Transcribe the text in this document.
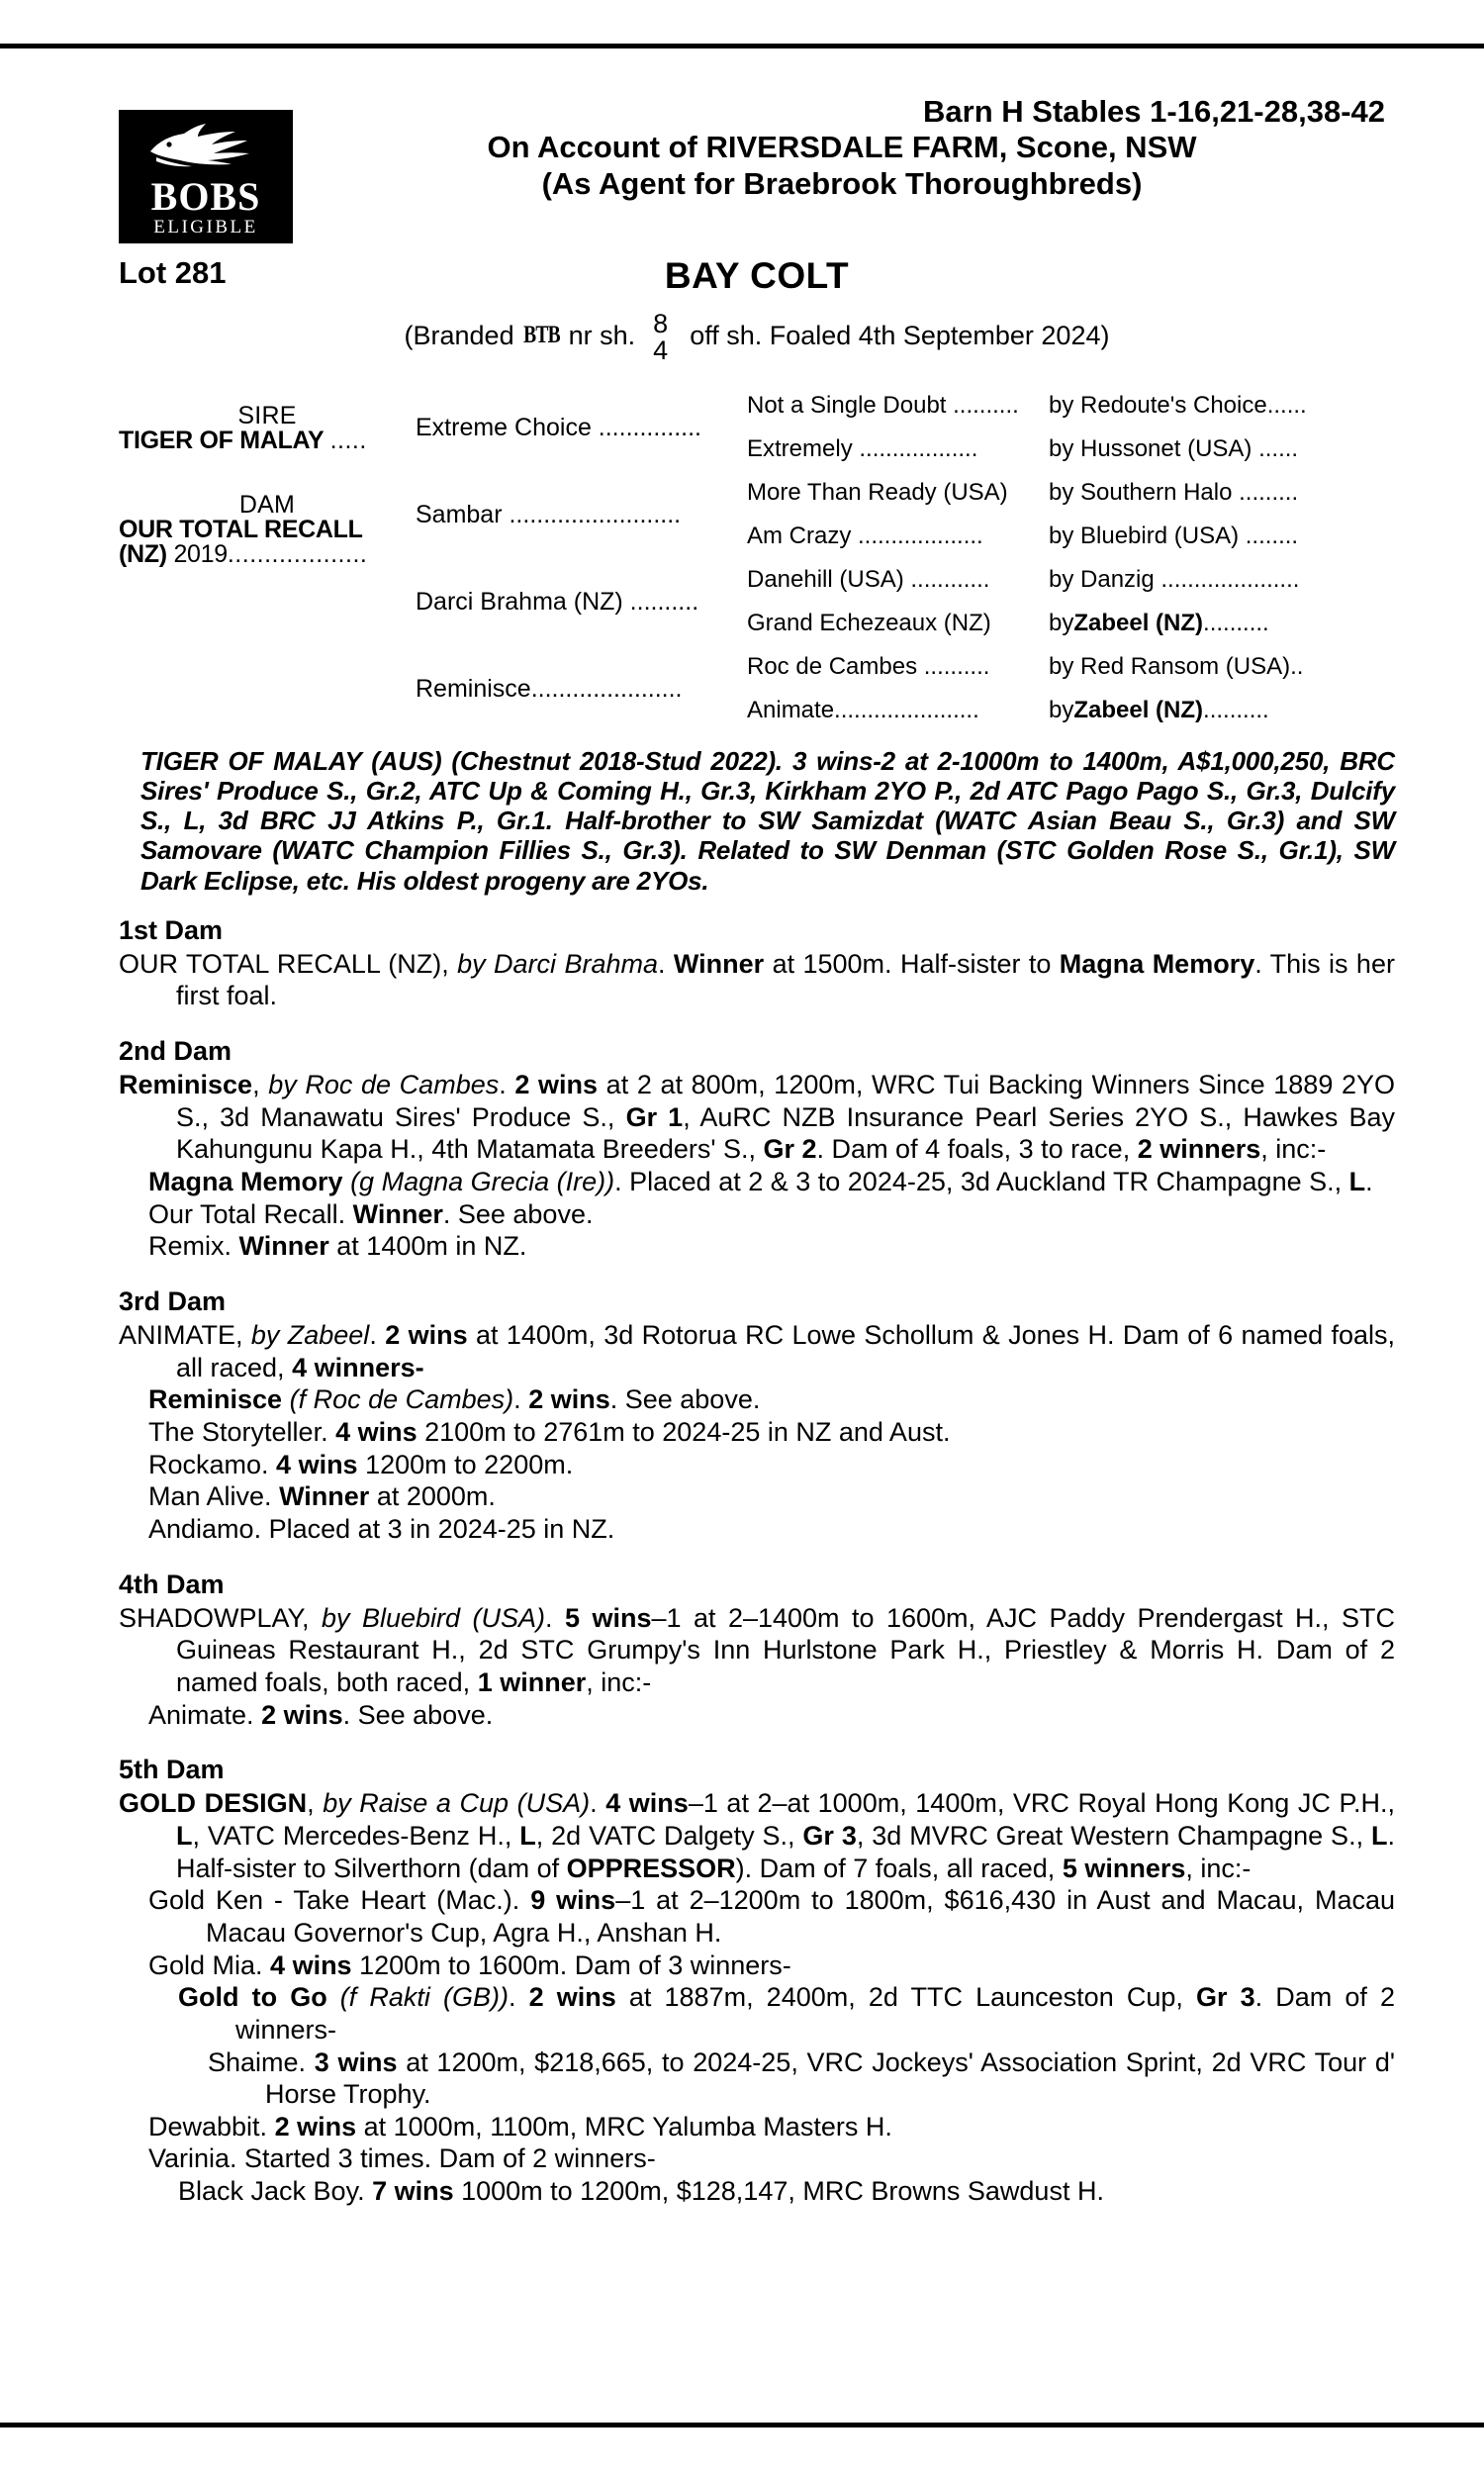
BOBS
ELIGIBLE
Barn H Stables 1-16,21-28,38-42
On Account of RIVERSDALE FARM, Scone, NSW
(As Agent for Braebrook Thoroughbreds)
Lot 281	BAY COLT
(Branded BTB nr sh. 8
4
off sh. Foaled 4th September 2024)
SIRE
TIGER OF MALAY .....
DAM
OUR TOTAL RECALL
(NZ) 2019...................
Extreme Choice ...............
Sambar .........................
Darci Brahma (NZ) ..........
Reminisce......................
Not a Single Doubt ..........
Extremely ..................
More Than Ready (USA)
Am Crazy ...................
Danehill (USA) ............
Grand Echezeaux (NZ)
Roc de Cambes ..........
Animate......................
by Redoute's Choice......
by Hussonet (USA) ......
by Southern Halo .........
by Bluebird (USA) ........
by Danzig .....................
by Zabeel (NZ) ..........
by Red Ransom (USA)..
by Zabeel (NZ) ..........
TIGER OF MALAY (AUS) (Chestnut 2018-Stud 2022). 3 wins-2 at 2-1000m to 1400m, A$1,000,250, BRC Sires' Produce S., Gr.2, ATC Up & Coming H., Gr.3, Kirkham 2YO P., 2d ATC Pago Pago S., Gr.3, Dulcify S., L, 3d BRC JJ Atkins P., Gr.1. Half-brother to SW Samizdat (WATC Asian Beau S., Gr.3) and SW Samovare (WATC Champion Fillies S., Gr.3). Related to SW Denman (STC Golden Rose S., Gr.1), SW Dark Eclipse, etc. His oldest progeny are 2YOs.
1st Dam

OUR TOTAL RECALL (NZ), by Darci Brahma. Winner at 1500m. Half-sister to Magna Memory. This is her first foal.

2nd Dam

Reminisce, by Roc de Cambes. 2 wins at 2 at 800m, 1200m, WRC Tui Backing Winners Since 1889 2YO S., 3d Manawatu Sires' Produce S., Gr 1, AuRC NZB Insurance Pearl Series 2YO S., Hawkes Bay Kahungunu Kapa H., 4th Matamata Breeders' S., Gr 2. Dam of 4 foals, 3 to race, 2 winners, inc:-

Magna Memory (g Magna Grecia (Ire)). Placed at 2 & 3 to 2024-25, 3d Auckland TR Champagne S., L.

Our Total Recall. Winner. See above.

Remix. Winner at 1400m in NZ.

3rd Dam

ANIMATE, by Zabeel. 2 wins at 1400m, 3d Rotorua RC Lowe Schollum & Jones H. Dam of 6 named foals, all raced, 4 winners-

Reminisce (f Roc de Cambes). 2 wins. See above.

The Storyteller. 4 wins 2100m to 2761m to 2024-25 in NZ and Aust.

Rockamo. 4 wins 1200m to 2200m.

Man Alive. Winner at 2000m.

Andiamo. Placed at 3 in 2024-25 in NZ.

4th Dam

SHADOWPLAY, by Bluebird (USA). 5 wins–1 at 2–1400m to 1600m, AJC Paddy Prendergast H., STC Guineas Restaurant H., 2d STC Grumpy's Inn Hurlstone Park H., Priestley & Morris H. Dam of 2 named foals, both raced, 1 winner, inc:-

Animate. 2 wins. See above.

5th Dam

GOLD DESIGN, by Raise a Cup (USA). 4 wins–1 at 2–at 1000m, 1400m, VRC Royal Hong Kong JC P.H., L, VATC Mercedes-Benz H., L, 2d VATC Dalgety S., Gr 3, 3d MVRC Great Western Champagne S., L. Half-sister to Silverthorn (dam of OPPRESSOR). Dam of 7 foals, all raced, 5 winners, inc:-

Gold Ken - Take Heart (Mac.). 9 wins–1 at 2–1200m to 1800m, $616,430 in Aust and Macau, Macau Macau Governor's Cup, Agra H., Anshan H.

Gold Mia. 4 wins 1200m to 1600m. Dam of 3 winners-

Gold to Go (f Rakti (GB)). 2 wins at 1887m, 2400m, 2d TTC Launceston Cup, Gr 3. Dam of 2 winners-

Shaime. 3 wins at 1200m, $218,665, to 2024-25, VRC Jockeys' Association Sprint, 2d VRC Tour d' Horse Trophy.

Dewabbit. 2 wins at 1000m, 1100m, MRC Yalumba Masters H.

Varinia. Started 3 times. Dam of 2 winners-

Black Jack Boy. 7 wins 1000m to 1200m, $128,147, MRC Browns Sawdust H.
